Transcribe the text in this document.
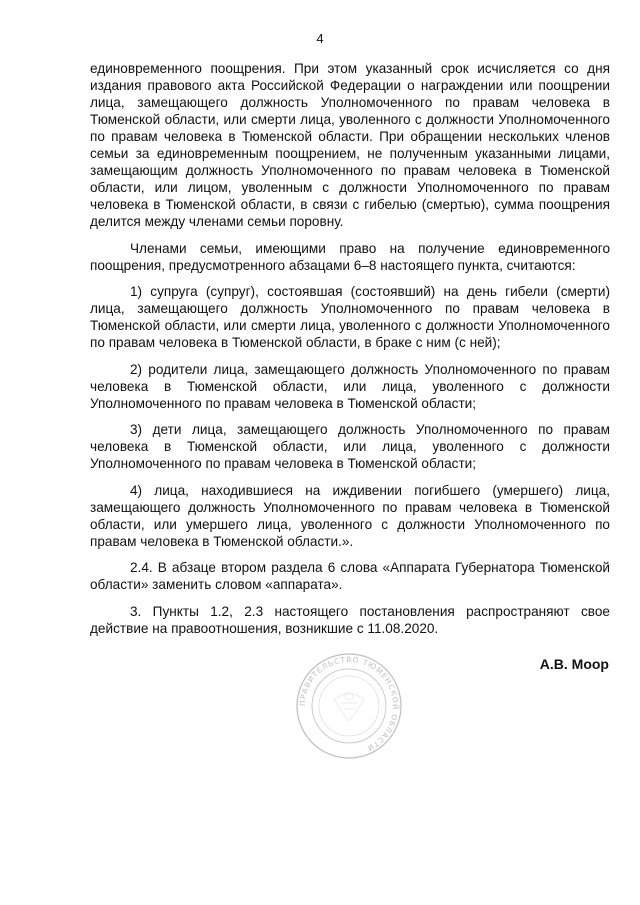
4

единовременного поощрения. При этом указанный срок исчисляется со дня издания правового акта Российской Федерации о награждении или поощрении лица, замещающего должность Уполномоченного по правам человека в Тюменской области, или смерти лица, уволенного с должности Уполномоченного по правам человека в Тюменской области. При обращении нескольких членов семьи за единовременным поощрением, не полученным указанными лицами, замещающим должность Уполномоченного по правам человека в Тюменской области, или лицом, уволенным с должности Уполномоченного по правам человека в Тюменской области, в связи с гибелью (смертью), сумма поощрения делится между членами семьи поровну.

Членами семьи, имеющими право на получение единовременного поощрения, предусмотренного абзацами 6–8 настоящего пункта, считаются:

1) супруга (супруг), состоявшая (состоявший) на день гибели (смерти) лица, замещающего должность Уполномоченного по правам человека в Тюменской области, или смерти лица, уволенного с должности Уполномоченного по правам человека в Тюменской области, в браке с ним (с ней);

2) родители лица, замещающего должность Уполномоченного по правам человека в Тюменской области, или лица, уволенного с должности Уполномоченного по правам человека в Тюменской области;

3) дети лица, замещающего должность Уполномоченного по правам человека в Тюменской области, или лица, уволенного с должности Уполномоченного по правам человека в Тюменской области;

4) лица, находившиеся на иждивении погибшего (умершего) лица, замещающего должность Уполномоченного по правам человека в Тюменской области, или умершего лица, уволенного с должности Уполномоченного по правам человека в Тюменской области.».

2.4. В абзаце втором раздела 6 слова «Аппарата Губернатора Тюменской области» заменить словом «аппарата».

3. Пункты 1.2, 2.3 настоящего постановления распространяют свое действие на правоотношения, возникшие с 11.08.2020.

ПРАВИТЕЛЬСТВО ТЮМЕНСКОЙ ОБЛАСТИ
А.В. Моор
